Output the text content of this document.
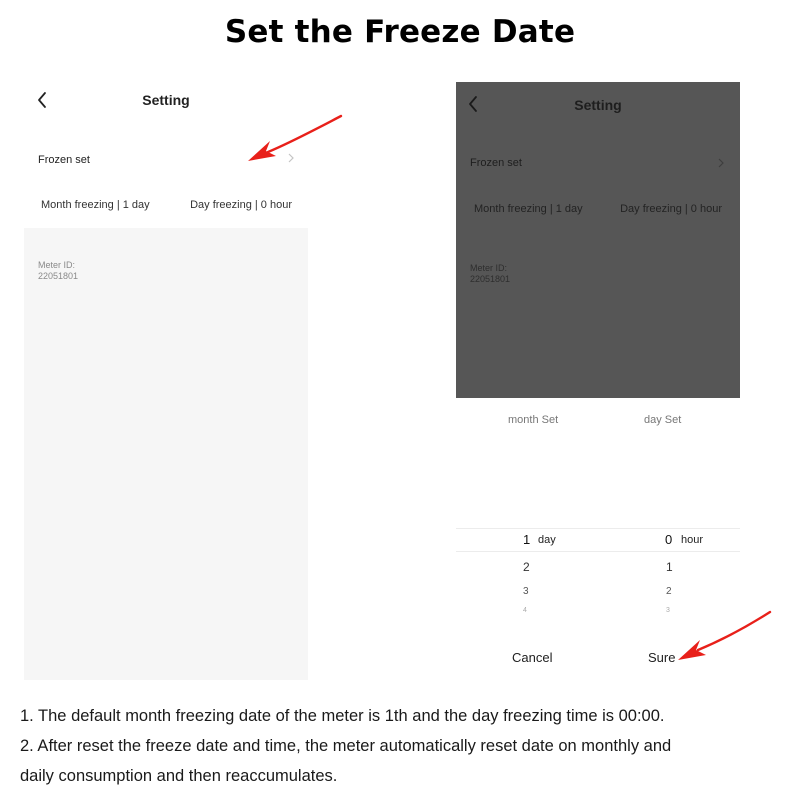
Set the Freeze Date
Setting
Frozen set
Month freezing | 1 day	Day freezing | 0 hour
Meter ID:
22051801
Setting
Frozen set
Month freezing | 1 day	Day freezing | 0 hour
Meter ID:
22051801
month Set	day Set
1 day
2
3
4
0 hour
1
2
3
Cancel	Sure
1. The default month freezing date of the meter is 1th and the day freezing time is 00:00.
2. After reset the freeze date and time, the meter automatically reset date on monthly and
daily consumption and then reaccumulates.
